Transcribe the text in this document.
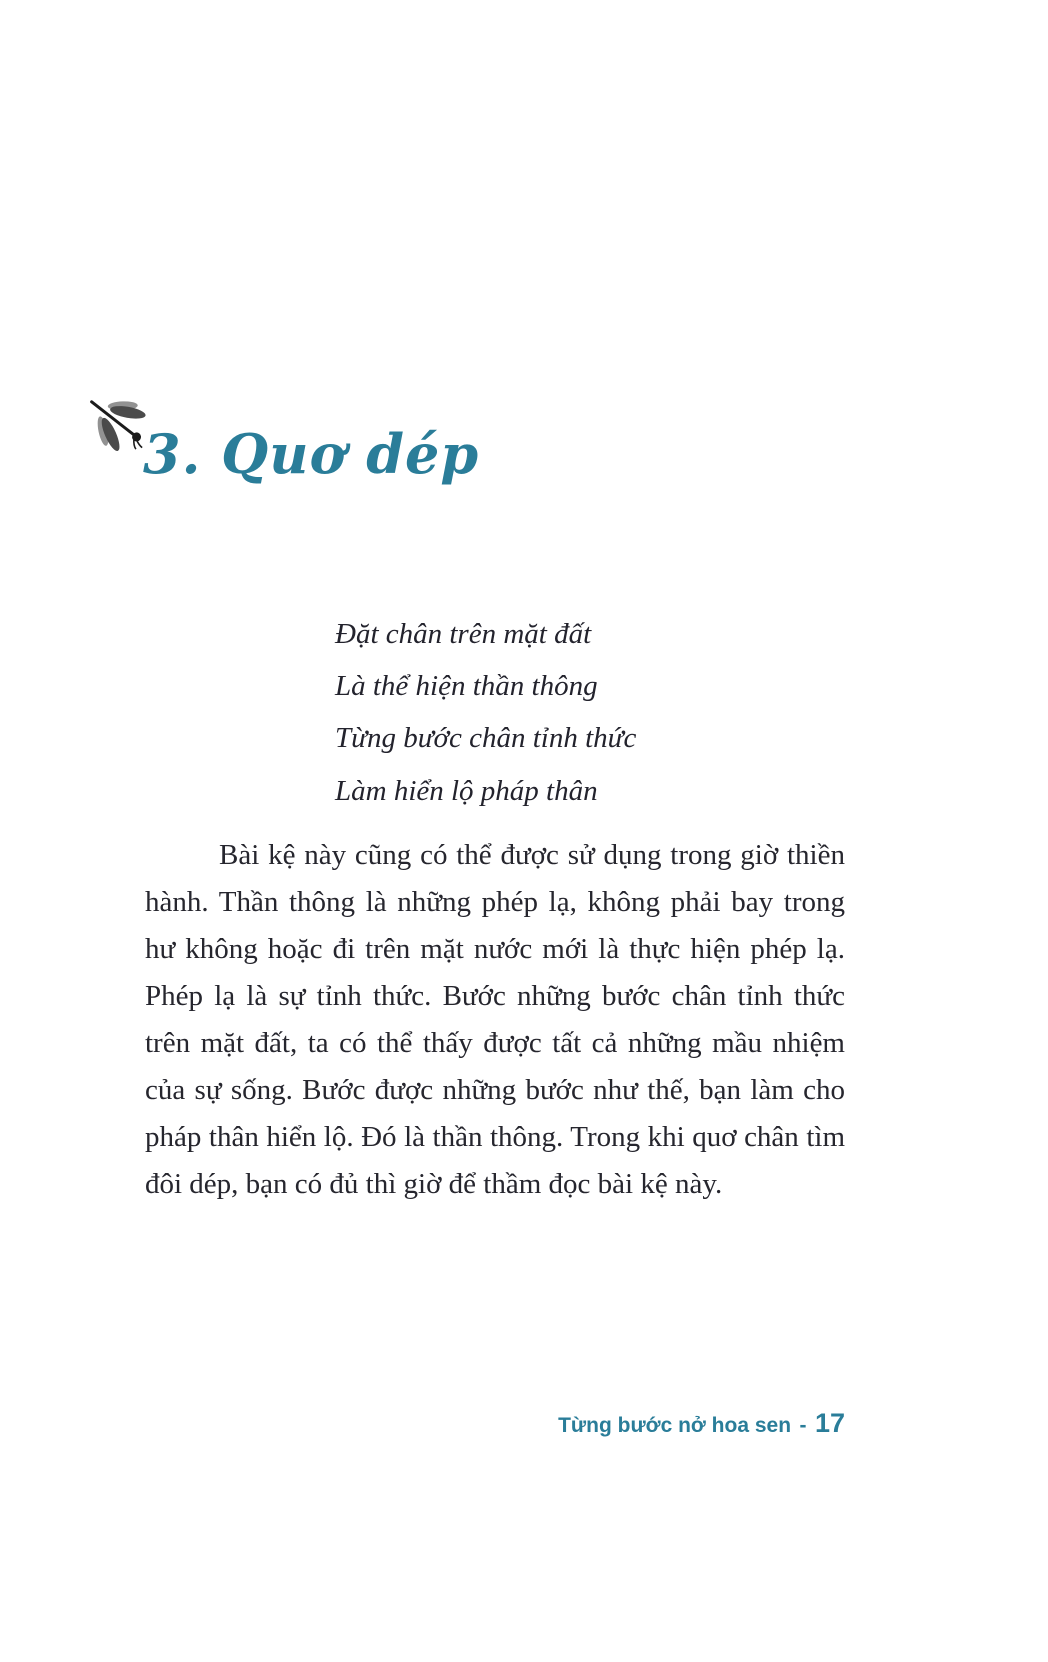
3. Quơ dép
Đặt chân trên mặt đất
Là thể hiện thần thông
Từng bước chân tỉnh thức
Làm hiển lộ pháp thân
Bài kệ này cũng có thể được sử dụng trong giờ thiền hành. Thần thông là những phép lạ, không phải bay trong hư không hoặc đi trên mặt nước mới là thực hiện phép lạ. Phép lạ là sự tỉnh thức. Bước những bước chân tỉnh thức trên mặt đất, ta có thể thấy được tất cả những mầu nhiệm của sự sống. Bước được những bước như thế, bạn làm cho pháp thân hiển lộ. Đó là thần thông. Trong khi quơ chân tìm đôi dép, bạn có đủ thì giờ để thầm đọc bài kệ này.
Từng bước nở hoa sen - 17
